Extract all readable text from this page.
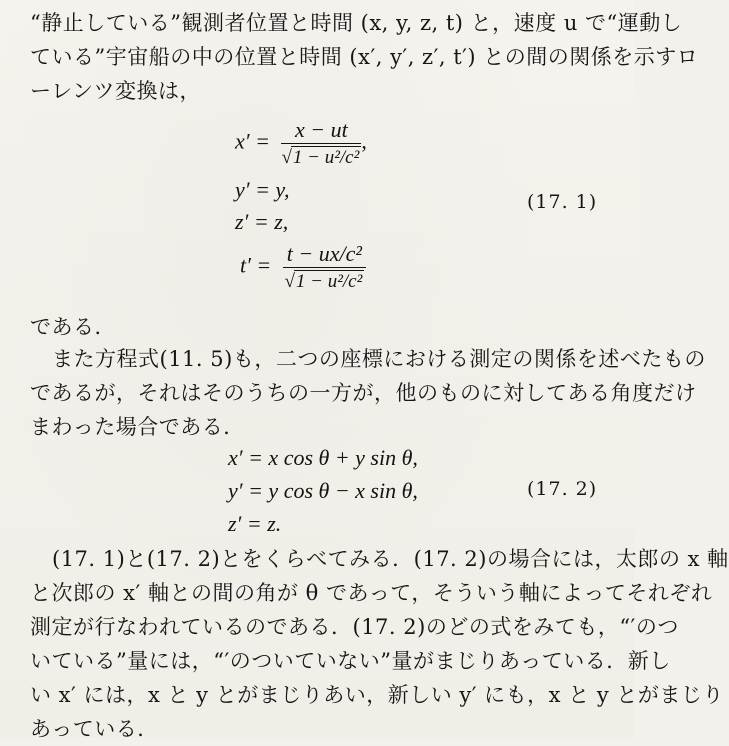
“静止している”観測者位置と時間 (x, y, z, t) と，速度 u で“運動し
ている”宇宙船の中の位置と時間 (x′, y′, z′, t′) との間の関係を示すロ
ーレンツ変換は，
$x' = \frac{x - ut}{\text{√1 − u²/c²}}$ ,
y′ = y,
z′ = z,
$t' = \frac{\text{t − ux/c²}}{\text{√1 − u²/c²}}$
(17. 1)
である．
また方程式(11. 5)も，二つの座標における測定の関係を述べたもの
であるが，それはそのうちの一方が，他のものに対してある角度だけ
まわった場合である．
x′ = x cos θ + y sin θ,
y′ = y cos θ − x sin θ,
z′ = z.
(17. 2)
(17. 1)と(17. 2)とをくらべてみる．(17. 2)の場合には，太郎の x 軸
と次郎の x′ 軸との間の角が θ であって，そういう軸によってそれぞれ
測定が行なわれているのである．(17. 2)のどの式をみても，“′のつ
いている”量には，“′のついていない”量がまじりあっている．新し
い x′ には，x と y とがまじりあい，新しい y′ にも，x と y とがまじり
あっている．
